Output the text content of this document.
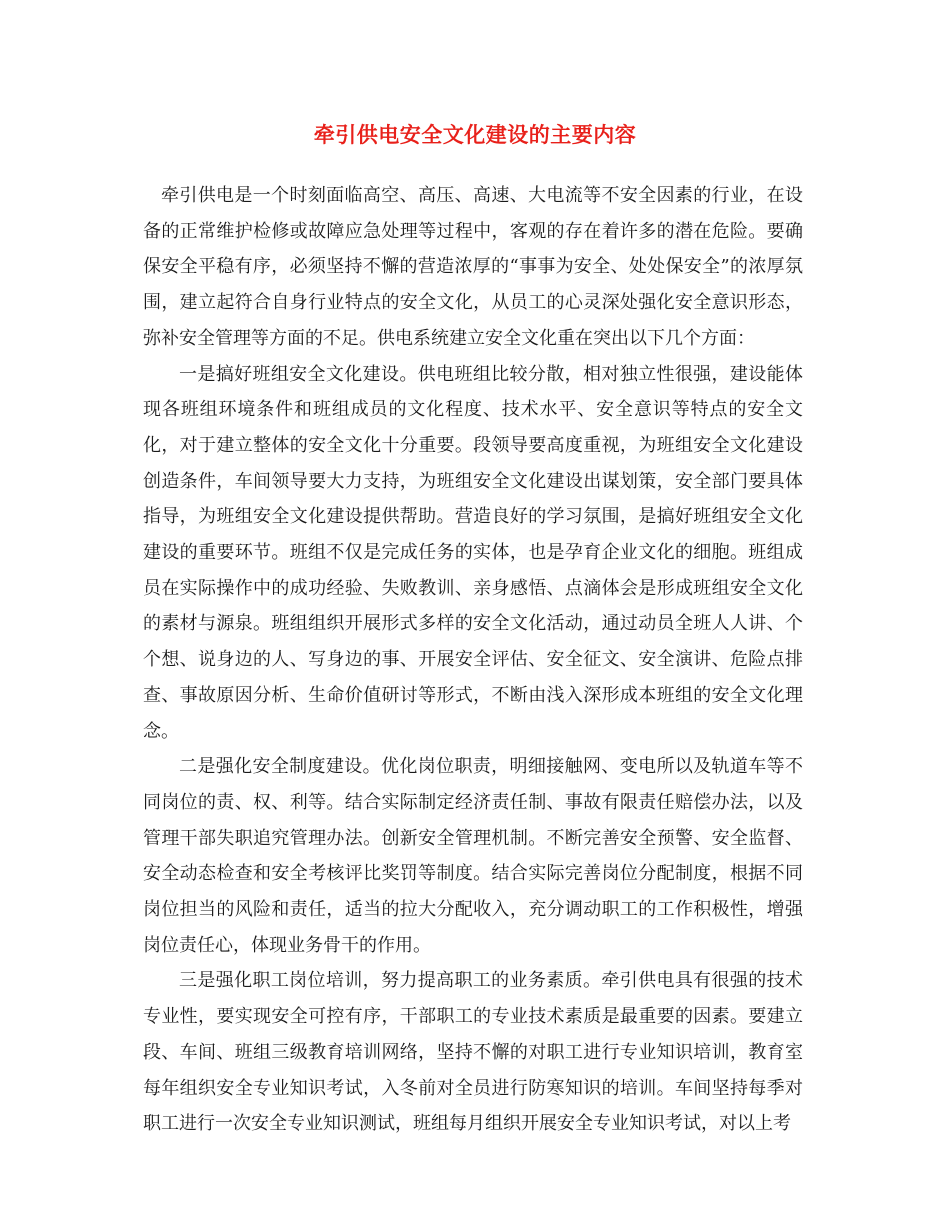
牵引供电安全文化建设的主要内容

牵引供电是一个时刻面临高空、高压、高速、大电流等不安全因素的行业，在设备的正常维护检修或故障应急处理等过程中，客观的存在着许多的潜在危险。要确保安全平稳有序，必须坚持不懈的营造浓厚的“事事为安全、处处保安全”的浓厚氛围，建立起符合自身行业特点的安全文化，从员工的心灵深处强化安全意识形态，弥补安全管理等方面的不足。供电系统建立安全文化重在突出以下几个方面：

一是搞好班组安全文化建设。供电班组比较分散，相对独立性很强，建设能体现各班组环境条件和班组成员的文化程度、技术水平、安全意识等特点的安全文化，对于建立整体的安全文化十分重要。段领导要高度重视，为班组安全文化建设创造条件，车间领导要大力支持，为班组安全文化建设出谋划策，安全部门要具体指导，为班组安全文化建设提供帮助。营造良好的学习氛围，是搞好班组安全文化建设的重要环节。班组不仅是完成任务的实体，也是孕育企业文化的细胞。班组成员在实际操作中的成功经验、失败教训、亲身感悟、点滴体会是形成班组安全文化的素材与源泉。班组组织开展形式多样的安全文化活动，通过动员全班人人讲、个个想、说身边的人、写身边的事、开展安全评估、安全征文、安全演讲、危险点排查、事故原因分析、生命价值研讨等形式，不断由浅入深形成本班组的安全文化理念。

二是强化安全制度建设。优化岗位职责，明细接触网、变电所以及轨道车等不同岗位的责、权、利等。结合实际制定经济责任制、事故有限责任赔偿办法，以及管理干部失职追究管理办法。创新安全管理机制。不断完善安全预警、安全监督、安全动态检查和安全考核评比奖罚等制度。结合实际完善岗位分配制度，根据不同岗位担当的风险和责任，适当的拉大分配收入，充分调动职工的工作积极性，增强岗位责任心，体现业务骨干的作用。

三是强化职工岗位培训，努力提高职工的业务素质。牵引供电具有很强的技术专业性，要实现安全可控有序，干部职工的专业技术素质是最重要的因素。要建立段、车间、班组三级教育培训网络，坚持不懈的对职工进行专业知识培训，教育室每年组织安全专业知识考试，入冬前对全员进行防寒知识的培训。车间坚持每季对职工进行一次安全专业知识测试，班组每月组织开展安全专业知识考试，对以上考
